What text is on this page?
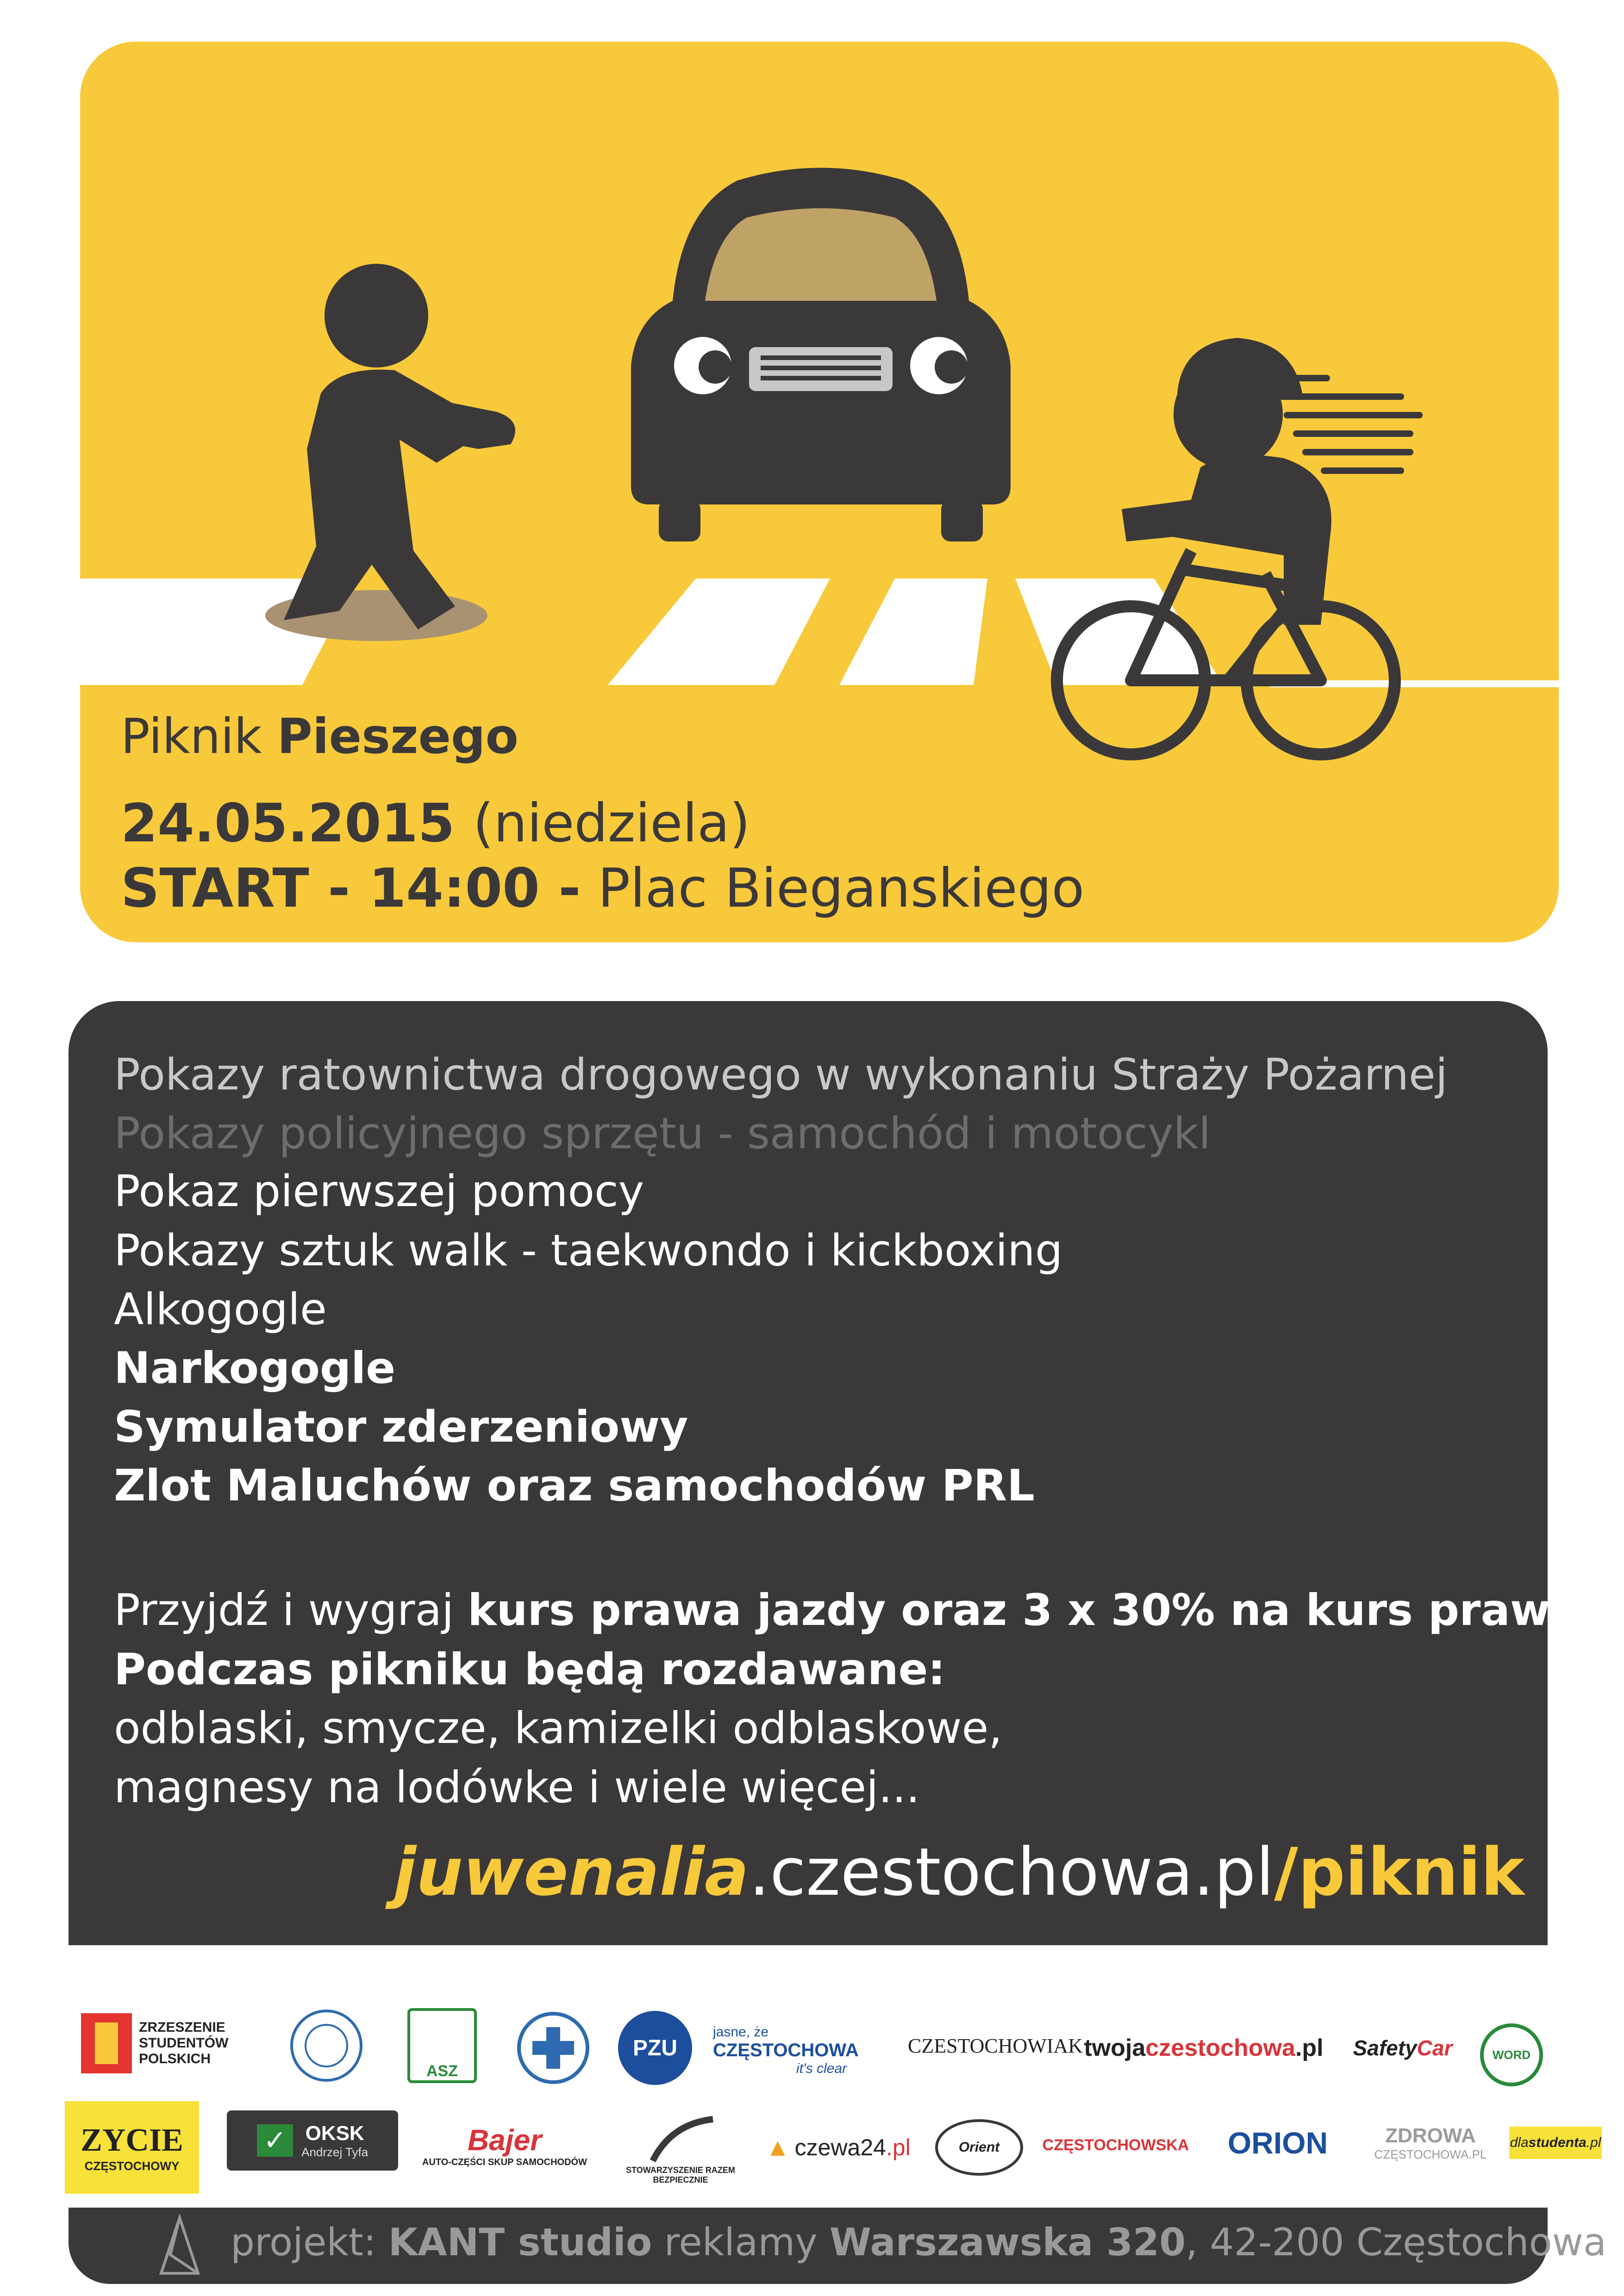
Piknik Pieszego
24.05.2015 (niedziela)
START - 14:00 - Plac Bieganskiego
Pokazy ratownictwa drogowego w wykonaniu Straży Pożarnej
Pokazy policyjnego sprzętu - samochód i motocykl
Pokaz pierwszej pomocy
Pokazy sztuk walk - taekwondo i kickboxing
Alkogogle
Narkogogle
Symulator zderzeniowy
Zlot Maluchów oraz samochodów PRL
Przyjdź i wygraj kurs prawa jazdy oraz 3 x 30% na kurs prawka
Podczas pikniku będą rozdawane:
odblaski, smycze, kamizelki odblaskowe,
magnesy na lodówke i wiele więcej...
juwenalia.czestochowa.pl/piknik
ZRZESZENIE STUDENTÓW POLSKICH
ASZ
PZU
jasne, że
CZĘSTOCHOWA
it's clear
CZESTOCHOWIAK twoja czestochowa .pl Safety Car	WORD
ZYCIE
CZĘSTOCHOWY
✓ OKSK
Andrzej Tyfa	Bajer
AUTO-CZĘŚCI SKUP SAMOCHODÓW
STOWARZYSZENIE RAZEM BEZPIECZNIE
▲ czewa24 .pl	Orient	CZĘSTOCHOWSKA ORION	ZDROWA
CZĘSTOCHOWA.PL
dla studenta .pl
projekt: KANT studio reklamy Warszawska 320, 42-200 Częstochowa
